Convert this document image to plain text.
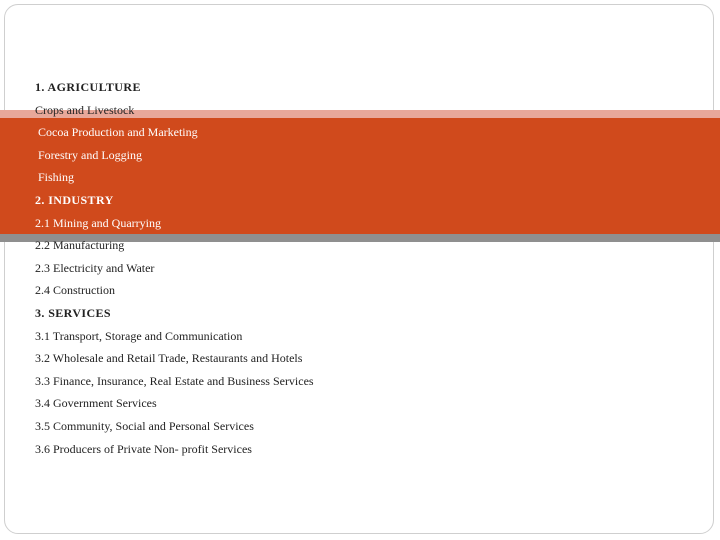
COMPOSITION OF GHANA'S GROSS DOMESTIC PRODUCT
1. AGRICULTURE
Crops and Livestock
Cocoa Production and Marketing
Forestry and Logging
Fishing
2. INDUSTRY
2.1 Mining and Quarrying
2.2 Manufacturing
2.3 Electricity and Water
2.4 Construction
3. SERVICES
3.1 Transport, Storage and Communication
3.2 Wholesale and Retail Trade, Restaurants and Hotels
3.3 Finance, Insurance, Real Estate and Business Services
3.4 Government Services
3.5 Community, Social and Personal Services
3.6 Producers of Private Non- profit Services
